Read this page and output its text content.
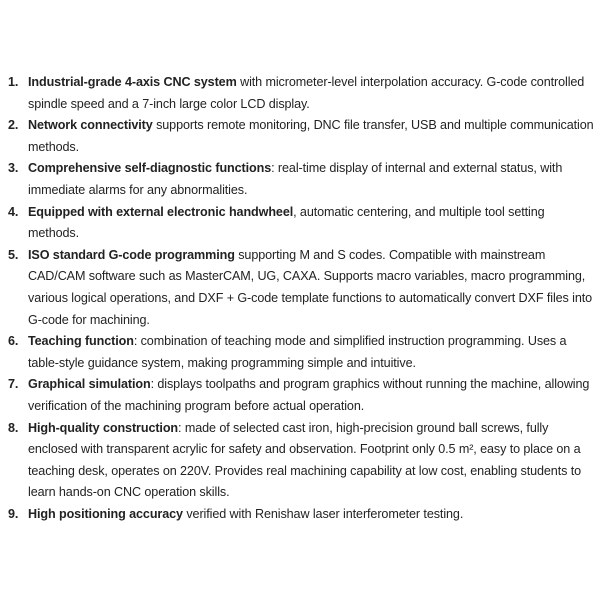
1. Industrial-grade 4-axis CNC system with micrometer-level interpolation accuracy. G-code controlled spindle speed and a 7-inch large color LCD display.
2. Network connectivity supports remote monitoring, DNC file transfer, USB and multiple communication methods.
3. Comprehensive self-diagnostic functions: real-time display of internal and external status, with immediate alarms for any abnormalities.
4. Equipped with external electronic handwheel, automatic centering, and multiple tool setting methods.
5. ISO standard G-code programming supporting M and S codes. Compatible with mainstream CAD/CAM software such as MasterCAM, UG, CAXA. Supports macro variables, macro programming, various logical operations, and DXF + G-code template functions to automatically convert DXF files into G-code for machining.
6. Teaching function: combination of teaching mode and simplified instruction programming. Uses a table-style guidance system, making programming simple and intuitive.
7. Graphical simulation: displays toolpaths and program graphics without running the machine, allowing verification of the machining program before actual operation.
8. High-quality construction: made of selected cast iron, high-precision ground ball screws, fully enclosed with transparent acrylic for safety and observation. Footprint only 0.5 m², easy to place on a teaching desk, operates on 220V. Provides real machining capability at low cost, enabling students to learn hands-on CNC operation skills.
9. High positioning accuracy verified with Renishaw laser interferometer testing.
